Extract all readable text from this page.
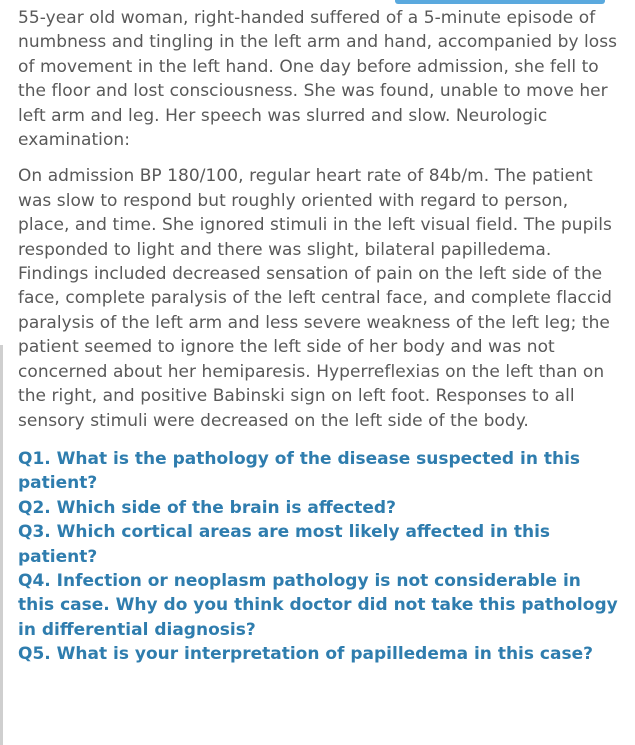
55-year old woman, right-handed suffered of a 5-minute episode of numbness and tingling in the left arm and hand, accompanied by loss of movement in the left hand. One day before admission, she fell to the floor and lost consciousness. She was found, unable to move her left arm and leg. Her speech was slurred and slow. Neurologic examination:

On admission BP 180/100, regular heart rate of 84b/m. The patient was slow to respond but roughly oriented with regard to person, place, and time. She ignored stimuli in the left visual field. The pupils responded to light and there was slight, bilateral papilledema. Findings included decreased sensation of pain on the left side of the face, complete paralysis of the left central face, and complete flaccid paralysis of the left arm and less severe weakness of the left leg; the patient seemed to ignore the left side of her body and was not concerned about her hemiparesis. Hyperreflexias on the left than on the right, and positive Babinski sign on left foot. Responses to all sensory stimuli were decreased on the left side of the body.

Q1. What is the pathology of the disease suspected in this patient?

Q2. Which side of the brain is affected?

Q3. Which cortical areas are most likely affected in this patient?

Q4. Infection or neoplasm pathology is not considerable in this case. Why do you think doctor did not take this pathology in differential diagnosis?

Q5. What is your interpretation of papilledema in this case?
